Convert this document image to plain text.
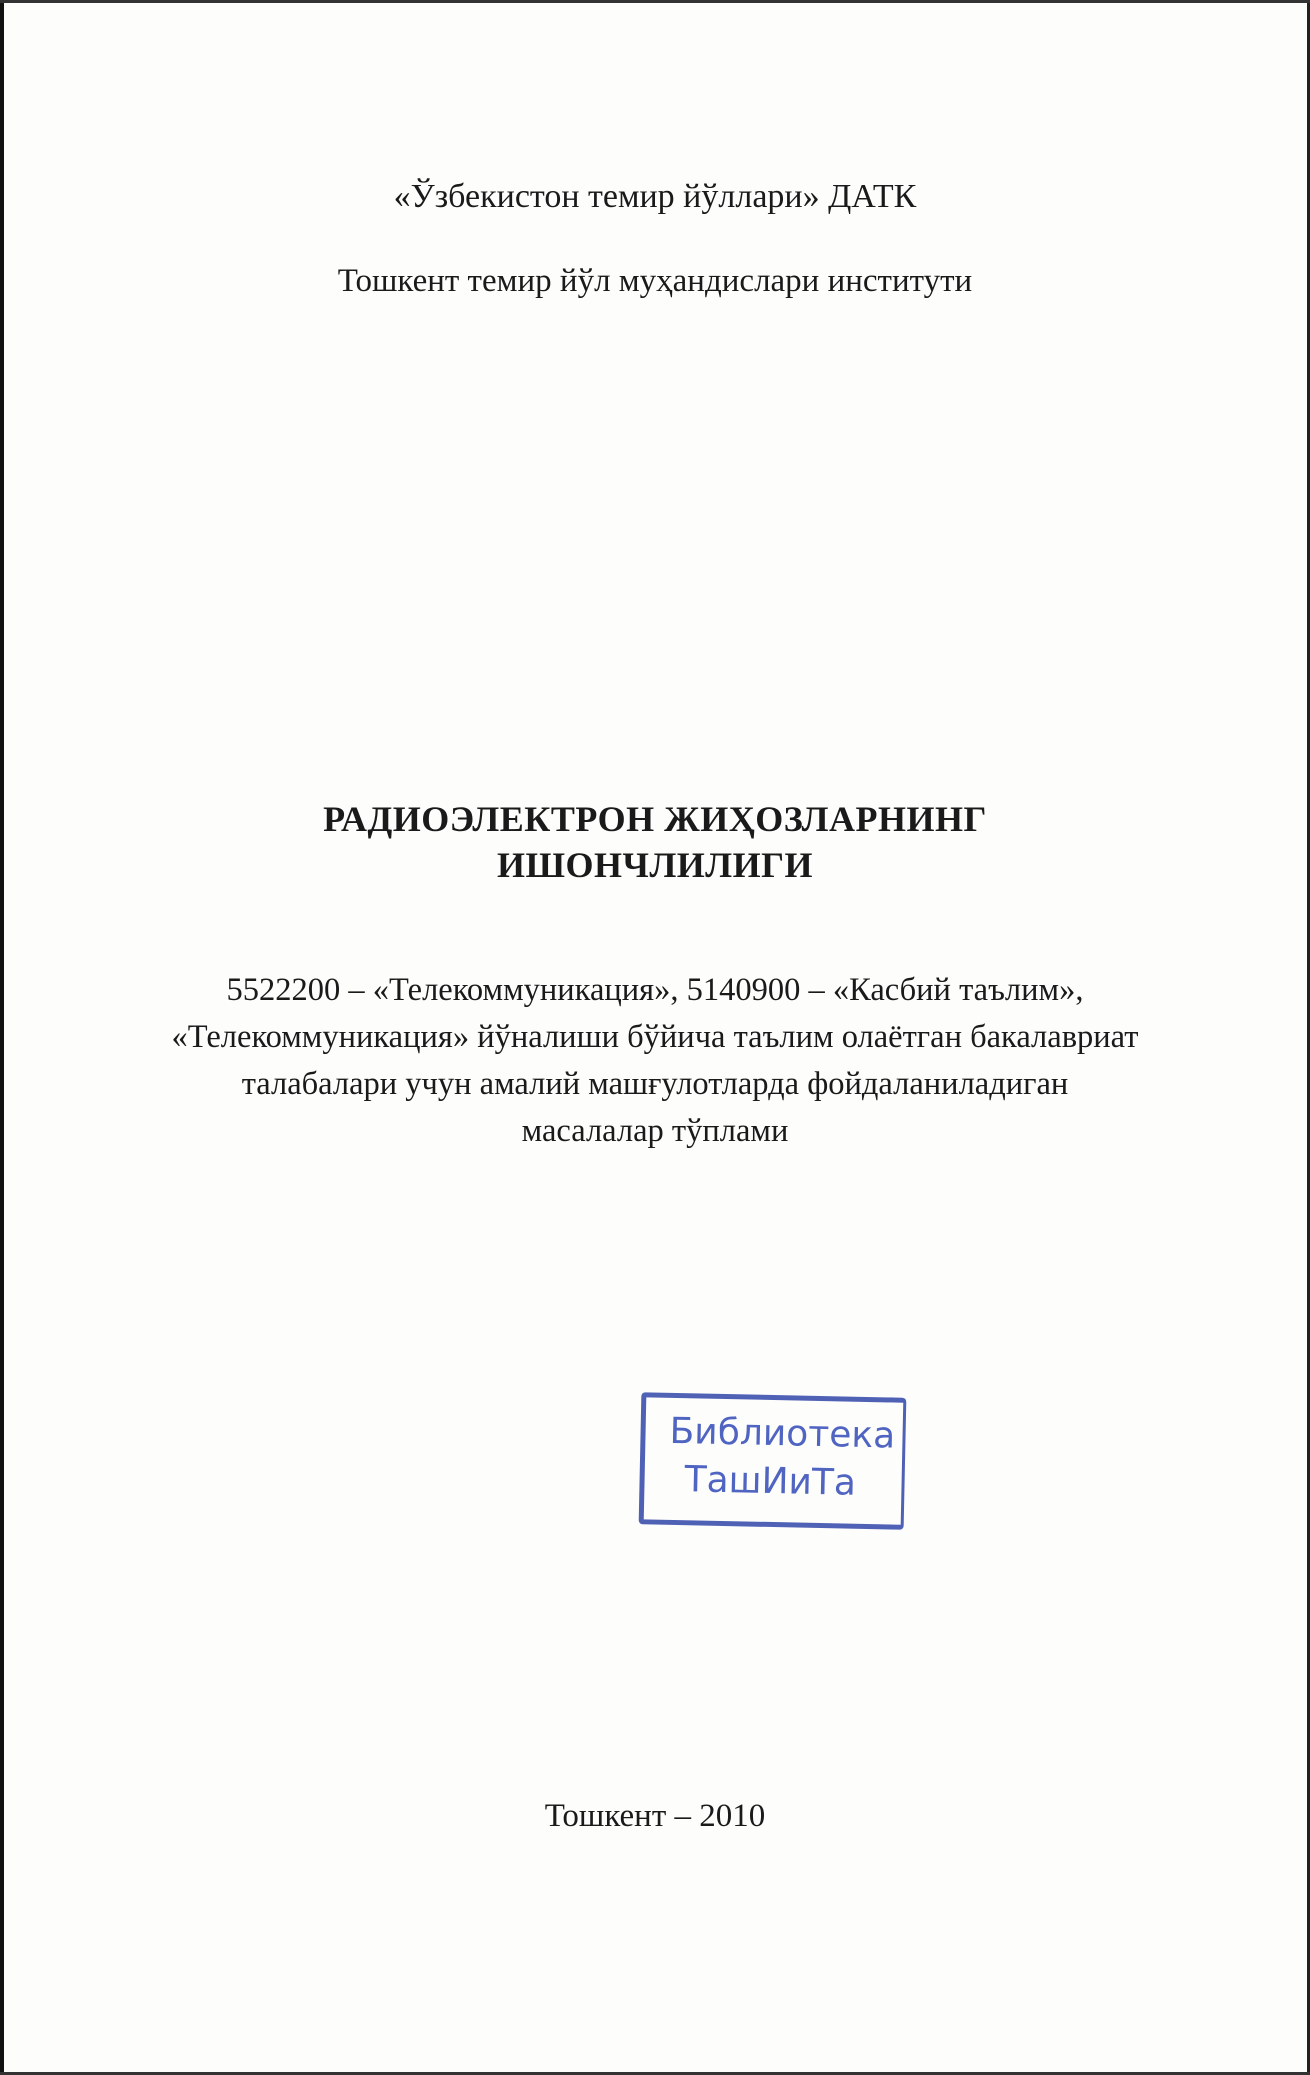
«Ўзбекистон темир йўллари» ДАТК
Тошкент темир йўл муҳандислари институти
РАДИОЭЛЕКТРОН ЖИҲОЗЛАРНИНГ
ИШОНЧЛИЛИГИ
5522200 – «Телекоммуникация», 5140900 – «Касбий таълим»,
«Телекоммуникация» йўналиши бўйича таълим олаётган бакалавриат
талабалари учун амалий машғулотларда фойдаланиладиган
масалалар тўплами
Библиотека
ТашИиТа
Тошкент – 2010
